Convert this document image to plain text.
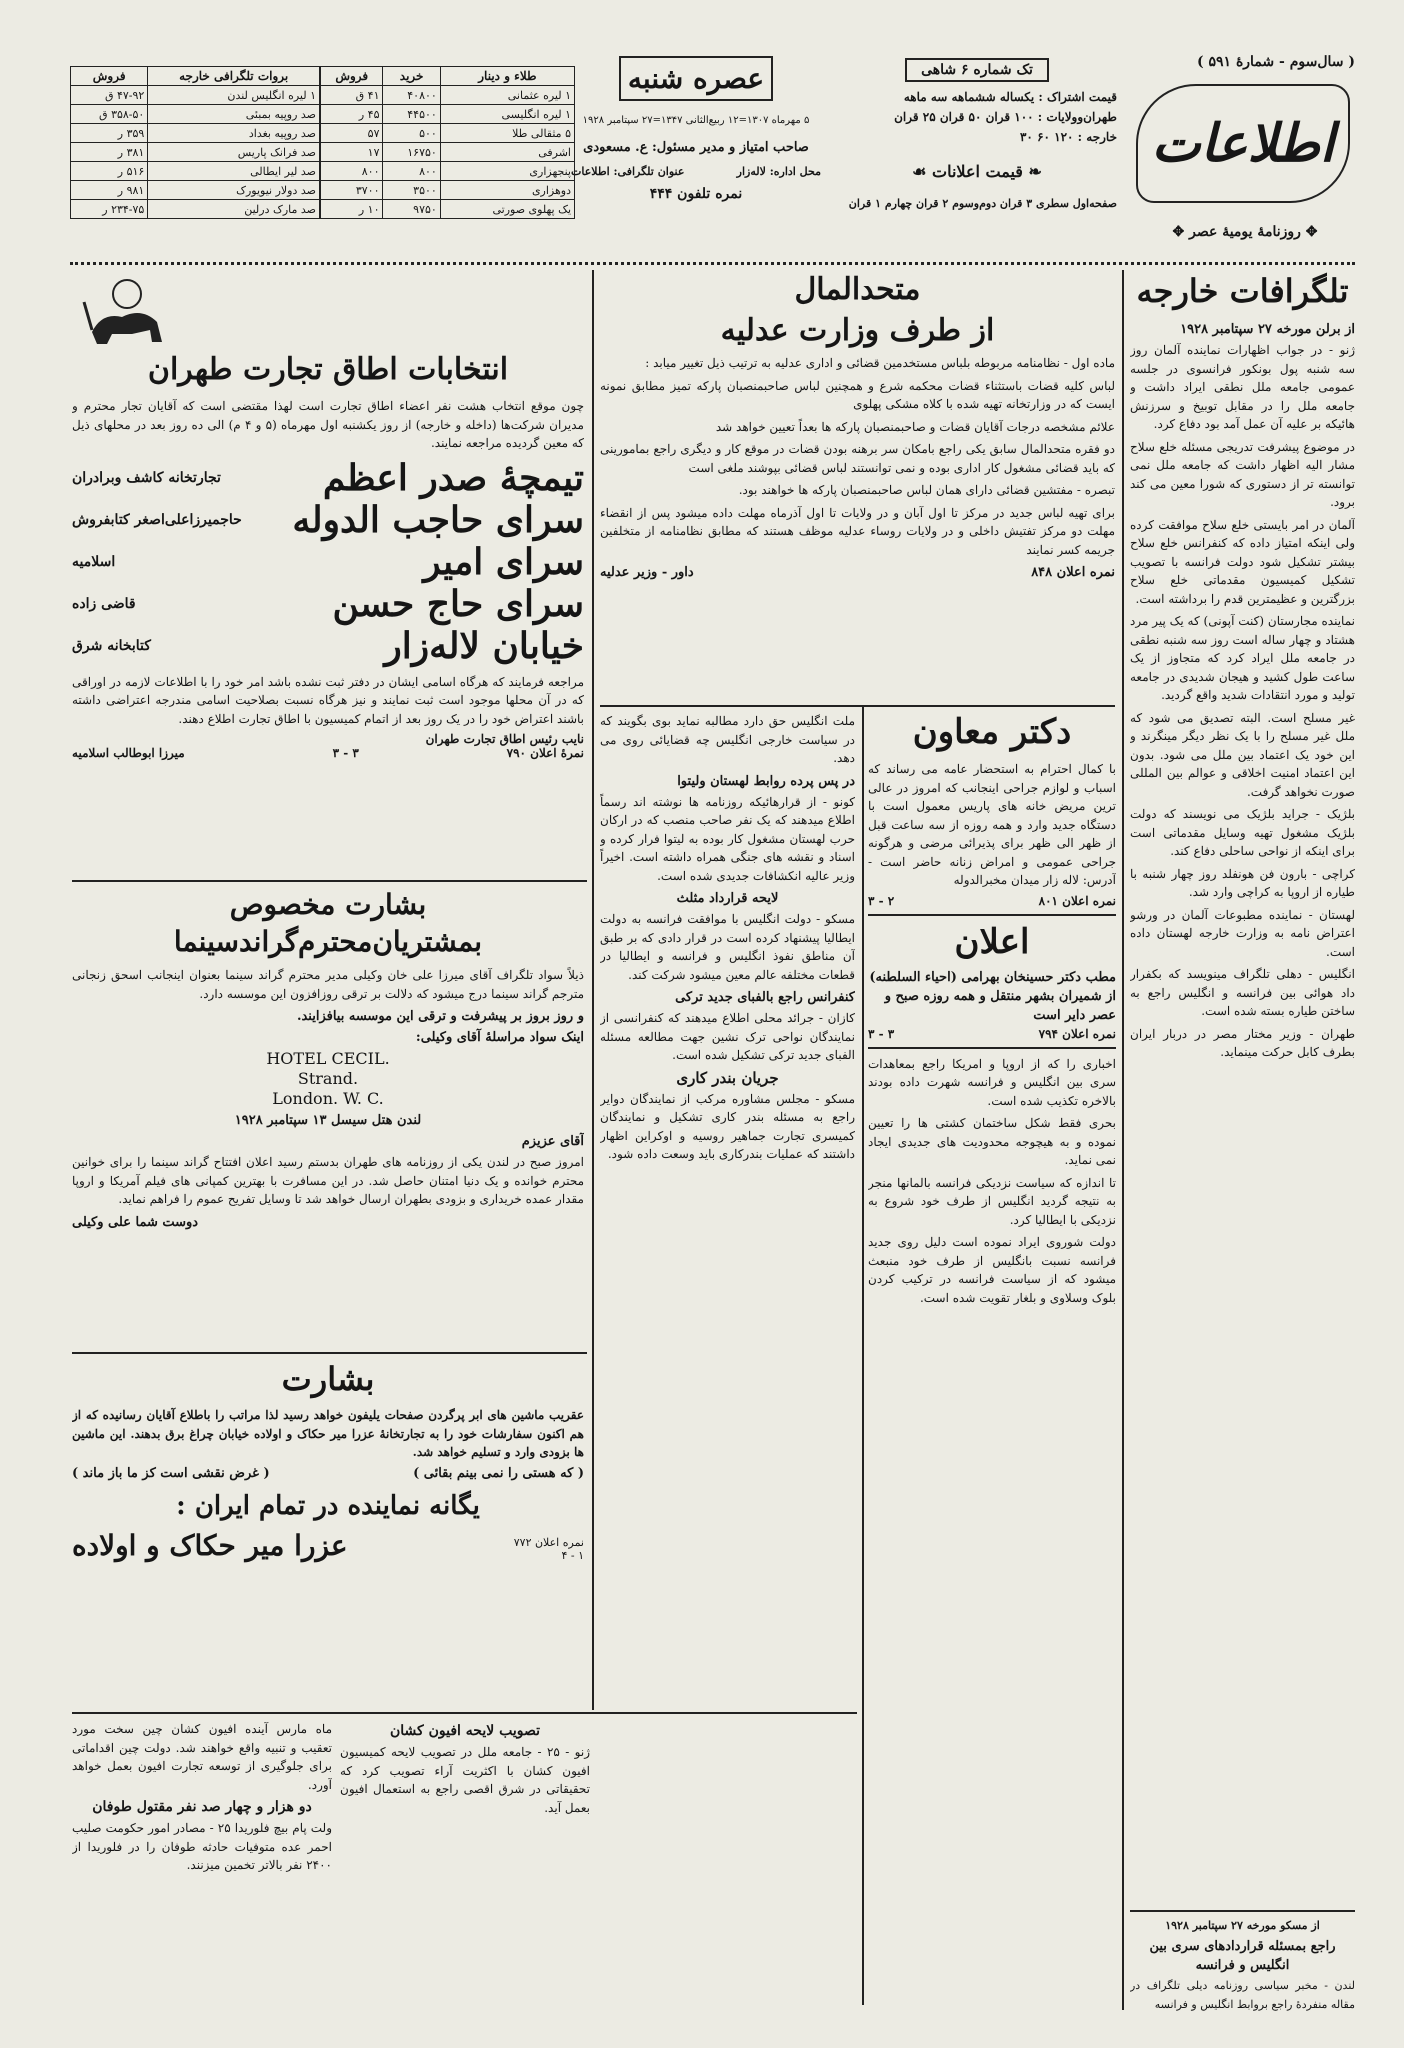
( سال‌سوم - شمارهٔ ۵۹۱ )
اطلاعات
✥ روزنامهٔ یومیهٔ عصر ✥
تک شماره ۶ شاهی
قیمت اشتراک : یکساله ششماهه سه ماهه
طهران‌وولایات : ۱۰۰ قران ۵۰ قران ۲۵ قران
خارجه : ۱۲۰ ۶۰ ۳۰
❧ قیمت اعلانات ☙
صفحه‌اول سطری ۳ قران دوم‌وسوم ۲ قران چهارم ۱ قران
عصره شنبه
۵ مهرماه ۱۳۰۷=۱۲ ربیع‌الثانی ۱۳۴۷=۲۷ سپتامبر ۱۹۲۸
صاحب امتیاز و مدیر مسئول: ع. مسعودی
محل اداره: لاله‌زار
عنوان تلگرافی: اطلاعات
نمره تلفون ۴۴۴
طلاء و دینار	خرید	فروش
۱ لیره عثمانی	۴۰۸۰۰	۴۱ ق
۱ لیره انگلیسی	۴۴۵۰۰	۴۵ ر
۵ مثقالی طلا	۵۰۰	۵۷
اشرفی	۱۶۷۵۰	۱۷
پنجهزاری	۸۰۰	۸۰۰
دوهزاری	۳۵۰۰	۳۷۰۰
یک پهلوی صورتی	۹۷۵۰	۱۰ ر
بروات تلگرافی خارجه	فروش
۱ لیره انگلیس لندن	۴۷-۹۲ ق
صد روپیه بمبئی	۳۵۸-۵۰ ق
صد روپیه بغداد	۳۵۹ ر
صد فرانک پاریس	۳۸۱ ر
صد لیر ایطالی	۵۱۶ ر
صد دولار نیویورک	۹۸۱ ر
صد مارک درلین	۲۳۴-۷۵ ر
تلگرافات خارجه
از برلن مورخه ۲۷ سپتامبر ۱۹۲۸

ژنو - در جواب اظهارات نماینده آلمان روز سه شنبه پول بونکور فرانسوی در جلسه‌ عمومی جامعه ملل نطقی ایراد داشت و جامعه ملل را در مقابل توبیخ و سرزنش هائیکه بر علیه آن عمل آمد بود دفاع کرد.

در موضوع پیشرفت تدریجی مسئله خلع سلاح مشار الیه اظهار داشت که جامعه ملل نمی توانسته تر از دستوری که شورا معین می کند برود.

آلمان در امر بایستی خلع سلاح موافقت کرده ولی اینکه امتیاز داده که کنفرانس خلع سلاح بیشتر تشکیل شود دولت فرانسه با تصویب تشکیل کمیسیون مقدماتی خلع سلاح بزرگترین و عظیمترین قدم را برداشته است.

نماینده مجارستان (کنت آپونی) که یک پیر مرد هشتاد و چهار ساله است روز سه شنبه نطقی در جامعه ملل ایراد کرد که متجاوز از یک ساعت طول کشید و هیجان شدیدی در جامعه تولید و مورد انتقادات شدید واقع گردید.

غیر مسلح است. البته تصدیق می شود که ملل غیر مسلح را با یک نظر دیگر مینگرند و این خود یک اعتماد بین ملل می شود. بدون این اعتماد امنیت اخلاقی و عوالم بین المللی صورت نخواهد گرفت.

بلژیک - جراید بلژیک می نویسند که دولت بلژیک مشغول تهیه وسایل مقدماتی است برای اینکه از نواحی ساحلی دفاع کند.

کراچی - بارون فن هونفلد روز چهار شنبه با طیاره از اروپا به کراچی وارد شد.

لهستان - نماینده مطبوعات آلمان در ورشو اعتراض نامه به وزارت خارجه لهستان داده است.

انگلیس - دهلی تلگراف مینویسد که بکفرار داد هوائی بین فرانسه و انگلیس راجع به ساختن طیاره بسته شده است.

طهران - وزیر مختار مصر در دربار ایران بطرف کابل حرکت مینماید.

از مسکو مورخه ۲۷ سپتامبر ۱۹۲۸
راجع بمسئله قراردادهای سری بین انگلیس و فرانسه
لندن - مخبر سیاسی روزنامه دیلی تلگراف در مقاله منفردهٔ راجع بروابط انگلیس و فرانسه
متحدالمال
از طرف وزارت عدلیه

ماده اول - نظامنامه مربوطه بلباس مستخدمین قضائی و اداری عدلیه به ترتیب ذیل تغییر میابد :

لباس کلیه قضات باستثناء قضات محکمه شرع و همچنین لباس صاحبمنصبان پارکه تمیز مطابق نمونه ایست که در وزارتخانه تهیه شده با کلاه مشکی پهلوی

علائم مشخصه درجات آقایان قضات و صاحبمنصبان پارکه ها بعداً تعیین خواهد شد

دو فقره متحدالمال سابق یکی راجع بامکان سر برهنه بودن قضات در موقع کار و دیگری راجع بمامورینی که باید قضائی مشغول کار اداری بوده و نمی توانستند لباس قضائی بپوشند ملغی است

تبصره - مفتشین قضائی دارای همان لباس صاحبمنصبان پارکه ها خواهند بود.

برای تهیه لباس جدید در مرکز تا اول آبان و در ولایات تا اول آذرماه مهلت داده میشود پس از انقضاء مهلت دو مرکز تفتیش داخلی و در ولایات روساء عدلیه موظف هستند که مطابق نظامنامه از متخلفین جریمه کسر نمایند

نمره اعلان ۸۴۸
داور - وزیر عدلیه
ملت انگلیس حق دارد مطالبه نماید بوی بگویند که در سیاست خارجی انگلیس چه قضایائی روی می دهد.
در پس پرده روابط لهستان ولیتوا
کونو - از قرارهائیکه روزنامه ها نوشته اند رسماً اطلاع میدهند که یک نفر صاحب منصب که در ارکان حرب لهستان مشغول کار بوده به لیتوا فرار کرده و اسناد و نقشه های جنگی همراه داشته است. اخیراً وزیر عالیه انکشافات جدیدی شده است.
لایحه قرارداد مثلث
مسکو - دولت انگلیس با موافقت فرانسه به دولت ایطالیا پیشنهاد کرده است در قرار دادی که بر طبق آن مناطق نفوذ انگلیس و فرانسه و ایطالیا در قطعات مختلفه عالم معین میشود شرکت کند.
کنفرانس راجع بالفبای جدید ترکی
کازان - جرائد محلی اطلاع میدهند که کنفرانسی از نمایندگان نواحی ترک نشین جهت مطالعه مسئله الفبای جدید ترکی تشکیل شده است.
جریان بندر کاری
مسکو - مجلس مشاوره مرکب از نمایندگان دوایر راجع به مسئله بندر کاری تشکیل و نمایندگان کمیسری تجارت جماهیر روسیه و اوکراین اظهار داشتند که عملیات بندرکاری باید وسعت داده شود.
دکتر معاون
با کمال احترام به استحضار عامه می رساند که اسباب و لوازم جراحی اینجانب که امروز در عالی ترین مریض خانه های پاریس معمول است با دستگاه جدید وارد و همه روزه از سه ساعت قبل از ظهر الی ظهر برای پذیرائی مرضی و هرگونه جراحی عمومی و امراض زنانه حاضر است - آدرس: لاله زار میدان مخبرالدوله
نمره اعلان ۸۰۱
۲ - ۳
اعلان
مطب دکتر حسینخان بهرامی (احیاء السلطنه) از شمیران بشهر منتقل و همه روزه صبح و عصر دایر است
نمره اعلان ۷۹۴
۳ - ۳

اخباری را که از اروپا و امریکا راجع بمعاهدات سری بین انگلیس و فرانسه شهرت داده بودند بالاخره تکذیب شده است.

بحری فقط شکل ساختمان کشتی ها را تعیین نموده و به هیچوجه محدودیت های جدیدی ایجاد نمی نماید.

تا اندازه که سیاست نزدیکی فرانسه بالمانها منجر به نتیجه گردید انگلیس از طرف خود شروع به نزدیکی با ایطالیا کرد.

دولت شوروی ایراد نموده است دلیل روی جدید فرانسه نسبت بانگلیس از طرف خود منبعث میشود که از سیاست فرانسه در ترکیب کردن بلوک وسلاوی و بلغار تقویت شده است.

انتخابات اطاق تجارت طهران
چون موقع انتخاب هشت نفر اعضاء اطاق تجارت است لهذا مقتضی است که آقایان تجار محترم و مدیران شرکت‌ها (داخله و خارجه) از روز یکشنبه اول مهرماه (۵ و ۴ م) الی ده روز بعد در محلهای ذیل که معین گردیده مراجعه نمایند.
تیمچهٔ صدر اعظم
تجارتخانه کاشف وبرادران
سرای حاجب الدوله
حاجمیرزاعلی‌اصغر کتابفروش
سرای امیر
اسلامیه
سرای حاج حسن
قاضی زاده
خیابان لاله‌زار
کتابخانه شرق
مراجعه فرمایند که هرگاه اسامی ایشان در دفتر ثبت نشده باشد امر خود را با اطلاعات لازمه در اوراقی که در آن محلها موجود است ثبت نمایند و نیز هرگاه نسبت بصلاحیت اسامی مندرجه اعتراضی داشته باشند اعتراض خود را در یک روز بعد از اتمام کمیسیون با اطاق تجارت اطلاع دهند.
نایب رئیس اطاق تجارت طهران
نمرهٔ اعلان ۷۹۰
۳ - ۳
میرزا ابوطالب اسلامیه
بشارت مخصوص
بمشتریان‌محترم‌گراند‌سینما
ذیلاً سواد تلگراف آقای میرزا علی خان وکیلی مدیر محترم گراند سینما بعنوان اینجانب اسحق زنجانی مترجم گراند سینما درج میشود که دلالت بر ترقی روزافزون این موسسه دارد.
و روز بروز بر پیشرفت و ترقی این موسسه بیافزایند.
اینک سواد مراسلهٔ آقای وکیلی:
HOTEL CECIL.
Strand.
London. W. C.
لندن هتل سیسل ۱۳ سپتامبر ۱۹۲۸
آقای عزیزم
امروز صبح در لندن یکی از روزنامه های طهران بدستم رسید اعلان افتتاح گراند سینما را برای خوانین محترم خوانده و یک دنیا امتنان حاصل شد. در این مسافرت با بهترین کمپانی های فیلم آمریکا و اروپا مقدار عمده خریداری و بزودی بطهران ارسال خواهد شد تا وسایل تفریح عموم را فراهم نماید.
دوست شما علی وکیلی
بشارت
عقریب ماشین های ابر پرگردن صفحات یلیفون خواهد رسید لذا مراتب را باطلاع آقایان رسانیده که از هم اکنون سفارشات خود را به تجارتخانهٔ عزرا میر حکاک و اولاده خیابان چراغ برق بدهند. این ماشین ها بزودی وارد و تسلیم خواهد شد.
( که هستی را نمی بینم بقائی )
( غرض نقشی است کز ما باز ماند )
یگانه نماینده در تمام ایران :
نمره اعلان ۷۷۲
۱ - ۴
عزرا میر حکاک و اولاده
تصویب لایحه افیون کشان
ژنو - ۲۵ - جامعه ملل در تصویب لایحه کمیسیون افیون کشان با اکثریت آراء تصویب کرد که تحقیقاتی در شرق اقصی راجع به استعمال افیون بعمل آید.
ماه مارس آینده افیون کشان چین سخت مورد تعقیب و تنبیه واقع خواهند شد. دولت چین اقداماتی برای جلوگیری از توسعه تجارت افیون بعمل خواهد آورد.
دو هزار و چهار صد نفر مقتول طوفان
ولت پام بیچ فلوریدا ۲۵ - مصادر امور حکومت صلیب احمر عده متوفیات حادثه طوفان را در فلوریدا از ۲۴۰۰ نفر بالاتر تخمین میزنند.
